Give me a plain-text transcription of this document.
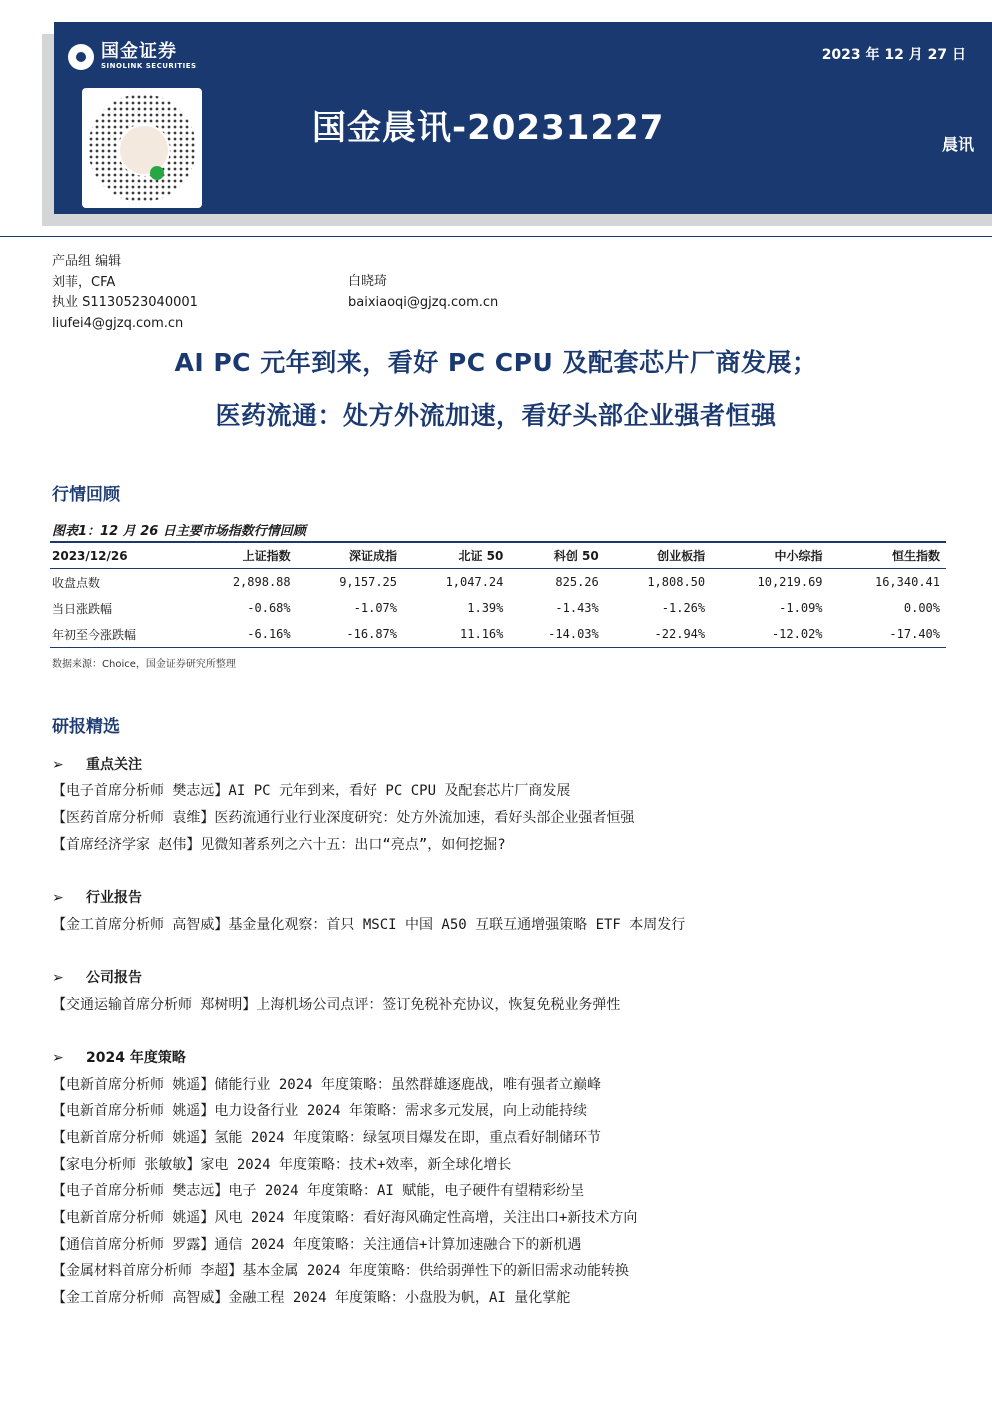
国金证券
SINOLINK SECURITIES
国金晨讯-20231227
2023 年 12 月 27 日
晨讯
产品组 编辑
刘菲，CFA
执业 S1130523040001
liufei4@gjzq.com.cn
白晓琦
baixiaoqi@gjzq.com.cn
AI PC 元年到来，看好 PC CPU 及配套芯片厂商发展；
医药流通：处方外流加速，看好头部企业强者恒强
行情回顾
图表1：12 月 26 日主要市场指数行情回顾
2023/12/26	上证指数	深证成指	北证 50	科创 50	创业板指	中小综指	恒生指数
收盘点数	2,898.88	9,157.25	1,047.24	825.26	1,808.50	10,219.69	16,340.41
当日涨跌幅	-0.68%	-1.07%	1.39%	-1.43%	-1.26%	-1.09%	0.00%
年初至今涨跌幅	-6.16%	-16.87%	11.16%	-14.03%	-22.94%	-12.02%	-17.40%
数据来源：Choice，国金证券研究所整理
研报精选
➢ 重点关注
【电子首席分析师 樊志远】AI PC 元年到来，看好 PC CPU 及配套芯片厂商发展
【医药首席分析师 袁维】医药流通行业行业深度研究：处方外流加速，看好头部企业强者恒强
【首席经济学家 赵伟】见微知著系列之六十五：出口“亮点”，如何挖掘?
➢ 行业报告
【金工首席分析师 高智威】基金量化观察：首只 MSCI 中国 A50 互联互通增强策略 ETF 本周发行
➢ 公司报告
【交通运输首席分析师 郑树明】上海机场公司点评：签订免税补充协议，恢复免税业务弹性
➢ 2024 年度策略
【电新首席分析师 姚遥】储能行业 2024 年度策略：虽然群雄逐鹿战，唯有强者立巅峰
【电新首席分析师 姚遥】电力设备行业 2024 年策略：需求多元发展，向上动能持续
【电新首席分析师 姚遥】氢能 2024 年度策略：绿氢项目爆发在即，重点看好制储环节
【家电分析师 张敏敏】家电 2024 年度策略：技术+效率，新全球化增长
【电子首席分析师 樊志远】电子 2024 年度策略：AI 赋能，电子硬件有望精彩纷呈
【电新首席分析师 姚遥】风电 2024 年度策略：看好海风确定性高增，关注出口+新技术方向
【通信首席分析师 罗露】通信 2024 年度策略：关注通信+计算加速融合下的新机遇
【金属材料首席分析师 李超】基本金属 2024 年度策略：供给弱弹性下的新旧需求动能转换
【金工首席分析师 高智威】金融工程 2024 年度策略：小盘股为帆，AI 量化掌舵
